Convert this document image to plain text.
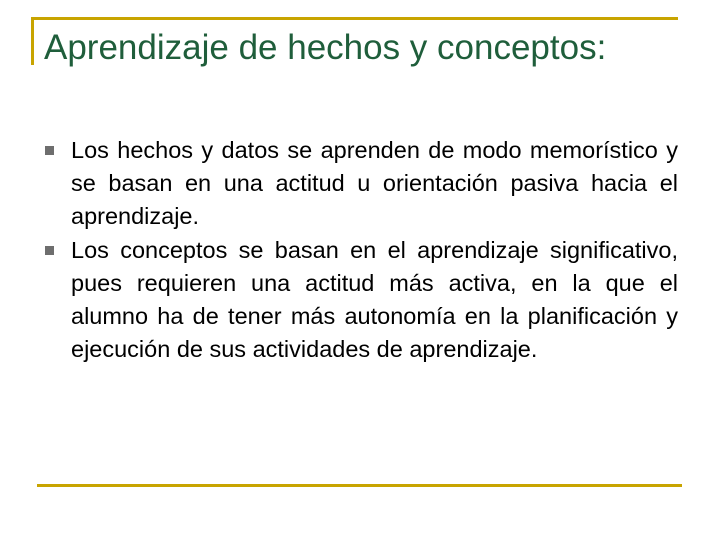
Aprendizaje de hechos y conceptos:
Los hechos y datos se aprenden de modo memorístico y se basan en una actitud u orientación pasiva hacia el aprendizaje.
Los conceptos se basan en el aprendizaje significativo, pues requieren una actitud más activa, en la que el alumno ha de tener más autonomía en la planificación y ejecución de sus actividades de aprendizaje.
